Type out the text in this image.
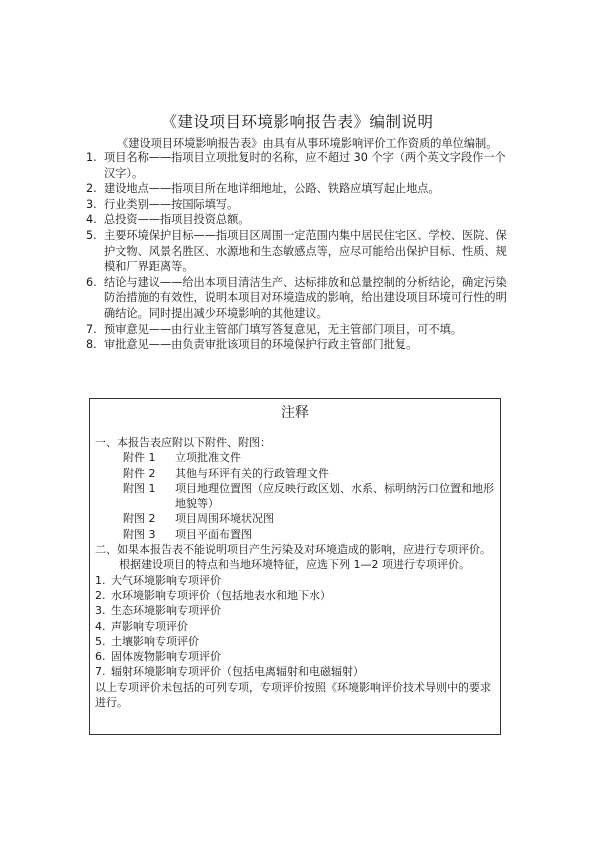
《建设项目环境影响报告表》编制说明
《建设项目环境影响报告表》由具有从事环境影响评价工作资质的单位编制。
1. 项目名称——指项目立项批复时的名称，应不超过 30 个字（两个英文字段作一个汉字）。
2. 建设地点——指项目所在地详细地址，公路、铁路应填写起止地点。
3. 行业类别——按国际填写。
4. 总投资——指项目投资总额。
5. 主要环境保护目标——指项目区周围一定范围内集中居民住宅区、学校、医院、保护文物、风景名胜区、水源地和生态敏感点等，应尽可能给出保护目标、性质、规模和厂界距离等。
6. 结论与建议——给出本项目清洁生产、达标排放和总量控制的分析结论，确定污染防治措施的有效性，说明本项目对环境造成的影响，给出建设项目环境可行性的明确结论。同时提出减少环境影响的其他建议。
7. 预审意见——由行业主管部门填写答复意见，无主管部门项目，可不填。
8. 审批意见——由负责审批该项目的环境保护行政主管部门批复。
注释
一、本报告表应附以下附件、附图：
附件 1	立项批准文件
附件 2	其他与环评有关的行政管理文件
附图 1	项目地理位置图（应反映行政区划、水系、标明纳污口位置和地形地貌等）
附图 2	项目周围环境状况图
附图 3	项目平面布置图
二、如果本报告表不能说明项目产生污染及对环境造成的影响，应进行专项评价。根据建设项目的特点和当地环境特征，应选下列 1—2 项进行专项评价。
1. 大气环境影响专项评价
2. 水环境影响专项评价（包括地表水和地下水）
3. 生态环境影响专项评价
4. 声影响专项评价
5. 土壤影响专项评价
6. 固体废物影响专项评价
7. 辐射环境影响专项评价（包括电离辐射和电磁辐射）
以上专项评价未包括的可列专项，专项评价按照《环境影响评价技术导则中的要求进行。
